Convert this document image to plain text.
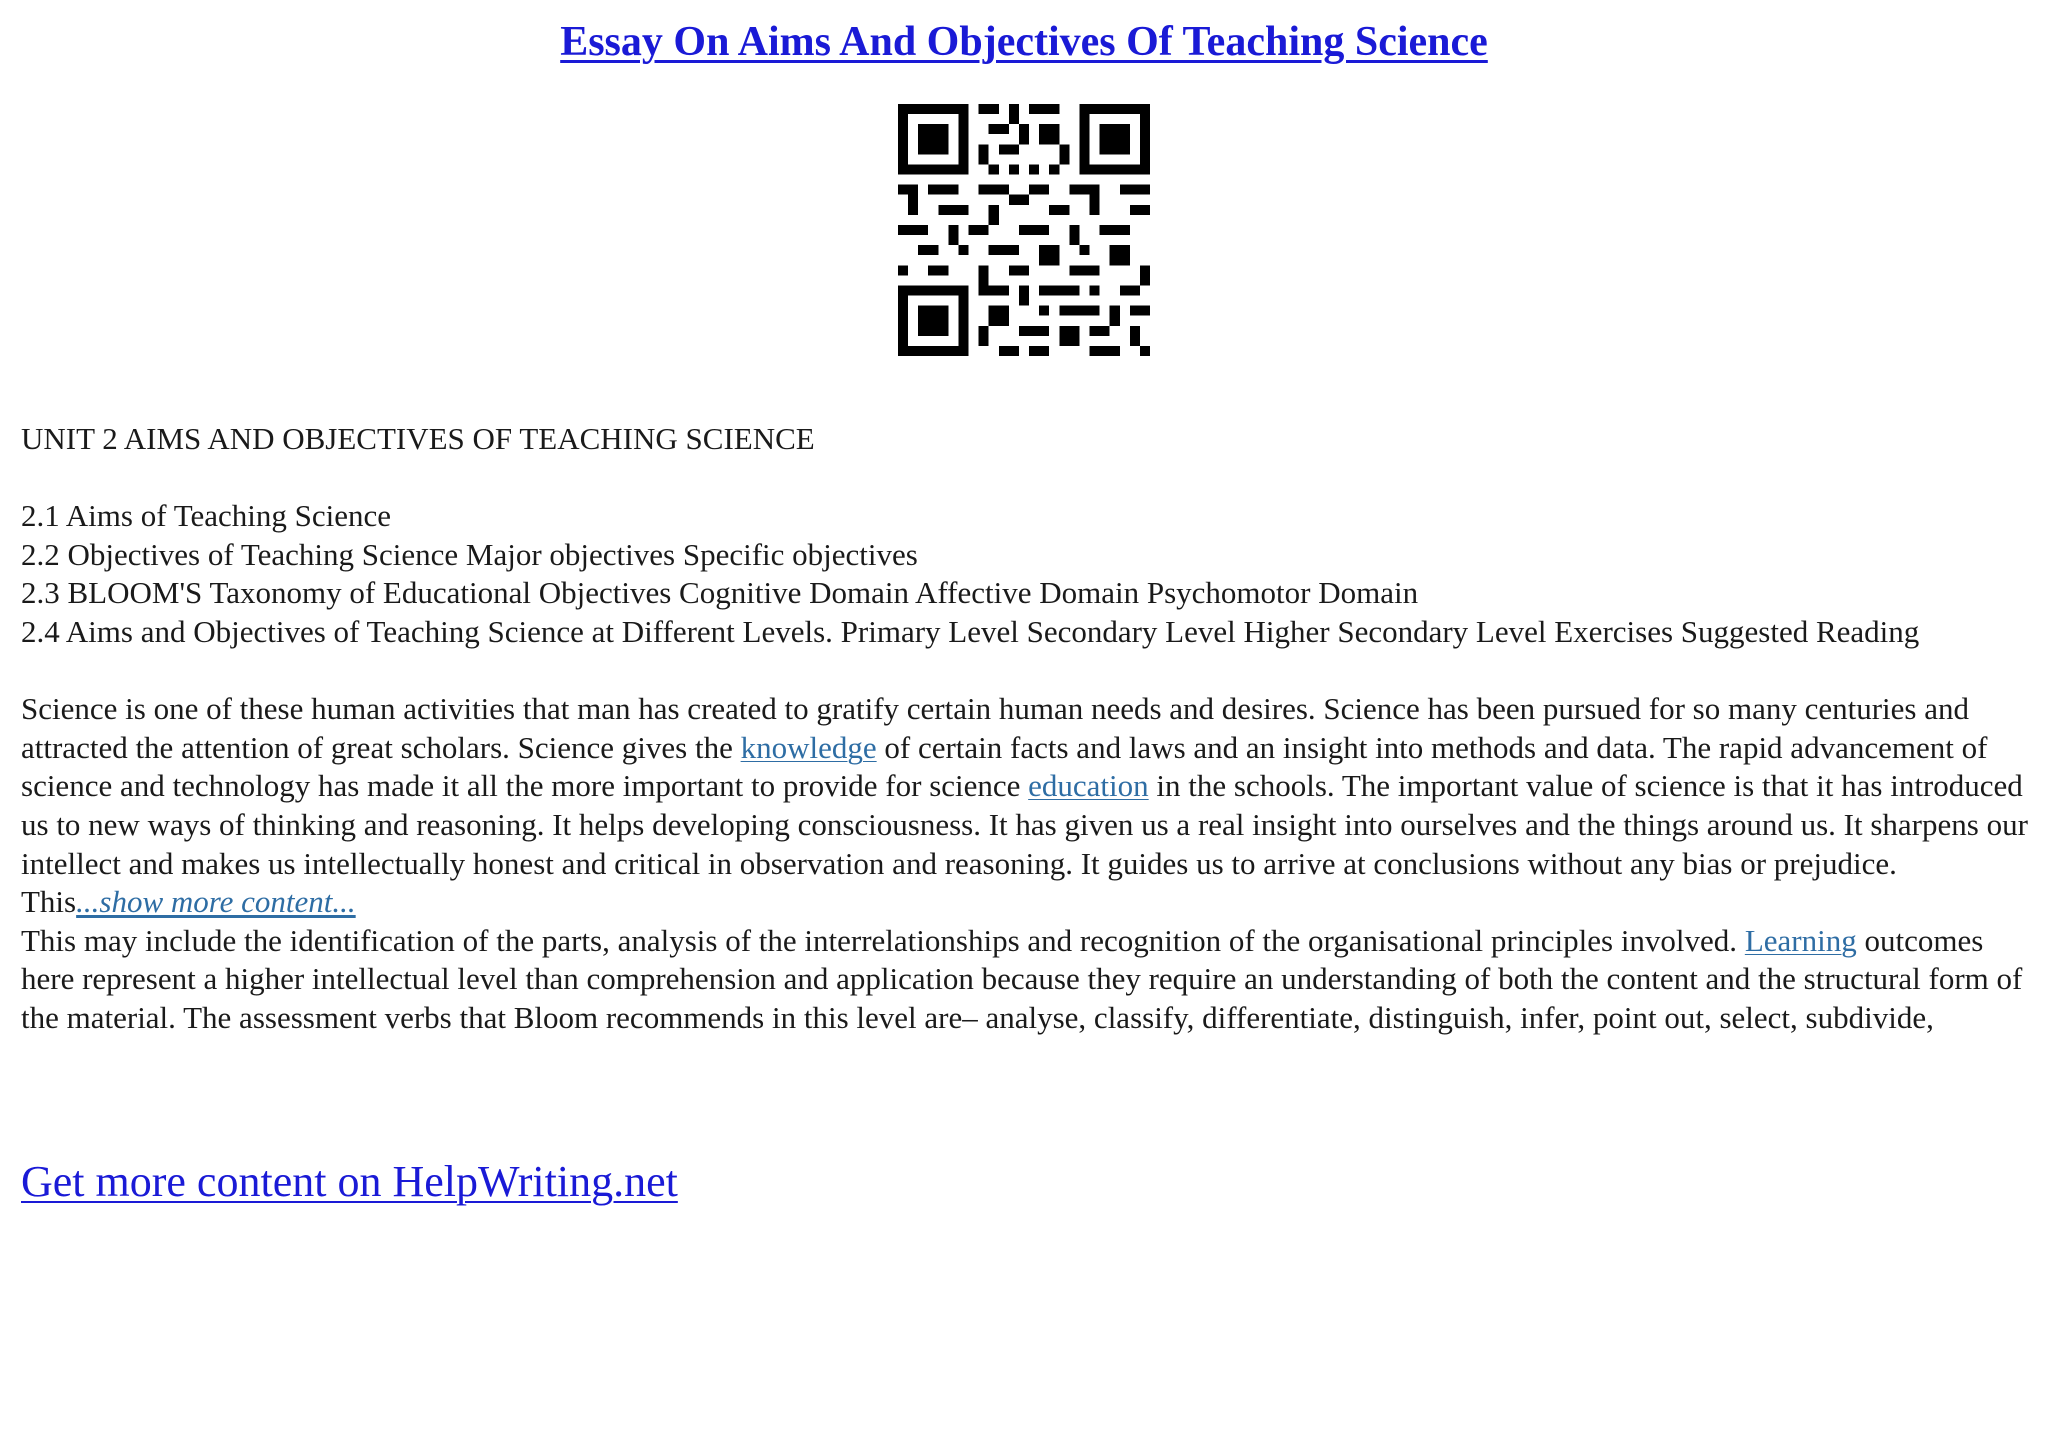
Essay On Aims And Objectives Of Teaching Science

UNIT 2 AIMS AND OBJECTIVES OF TEACHING SCIENCE

2.1 Aims of Teaching Science

2.2 Objectives of Teaching Science Major objectives Specific objectives

2.3 BLOOM'S Taxonomy of Educational Objectives Cognitive Domain Affective Domain Psychomotor Domain

2.4 Aims and Objectives of Teaching Science at Different Levels. Primary Level Secondary Level Higher Secondary Level Exercises Suggested Reading

Science is one of these human activities that man has created to gratify certain human needs and desires. Science has been pursued for so many centuries and attracted the attention of great scholars. Science gives the knowledge of certain facts and laws and an insight into methods and data. The rapid advancement of science and technology has made it all the more important to provide for science education in the schools. The important value of science is that it has introduced us to new ways of thinking and reasoning. It helps developing consciousness. It has given us a real insight into ourselves and the things around us. It sharpens our intellect and makes us intellectually honest and critical in observation and reasoning. It guides us to arrive at conclusions without any bias or prejudice. This...show more content...

This may include the identification of the parts, analysis of the interrelationships and recognition of the organisational principles involved. Learning outcomes here represent a higher intellectual level than comprehension and application because they require an understanding of both the content and the structural form of the material. The assessment verbs that Bloom recommends in this level are– analyse, classify, differentiate, distinguish, infer, point out, select, subdivide,

Get more content on HelpWriting.net
